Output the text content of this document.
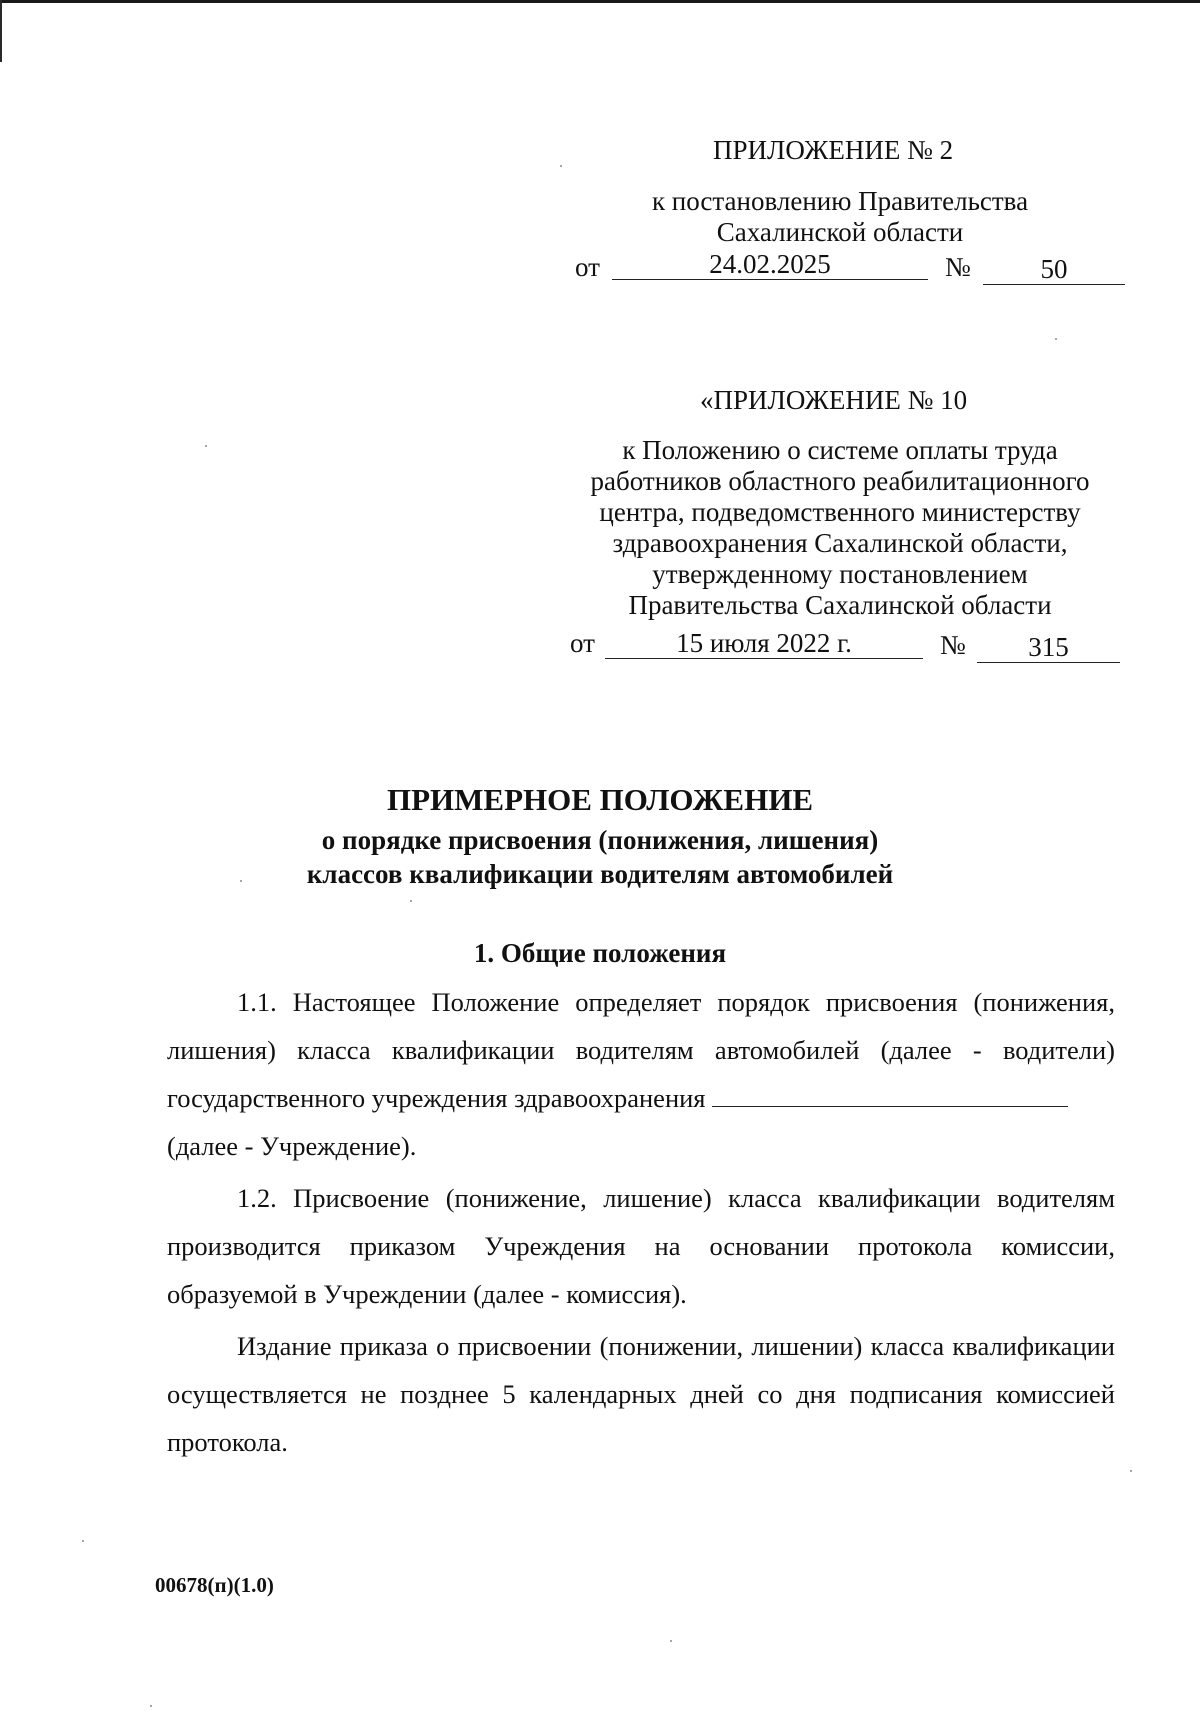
ПРИЛОЖЕНИЕ № 2
к постановлению Правительства
Сахалинской области
от	24.02.2025	№	50
«ПРИЛОЖЕНИЕ № 10
к Положению о системе оплаты труда
работников областного реабилитационного
центра, подведомственного министерству
здравоохранения Сахалинской области,
утвержденному постановлением
Правительства Сахалинской области
от	15 июля 2022 г.	№	315
ПРИМЕРНОЕ ПОЛОЖЕНИЕ
о порядке присвоения (понижения, лишения)
классов квалификации водителям автомобилей
1. Общие положения

1.1. Настоящее Положение определяет порядок присвоения (понижения, лишения) класса квалификации водителям автомобилей (далее - водители) государственного учреждения здравоохранения
(далее - Учреждение).

1.2. Присвоение (понижение, лишение) класса квалификации водителям производится приказом Учреждения на основании протокола комиссии, образуемой в Учреждении (далее - комиссия).

Издание приказа о присвоении (понижении, лишении) класса квалификации осуществляется не позднее 5 календарных дней со дня подписания комиссией протокола.

00678(п)(1.0)
